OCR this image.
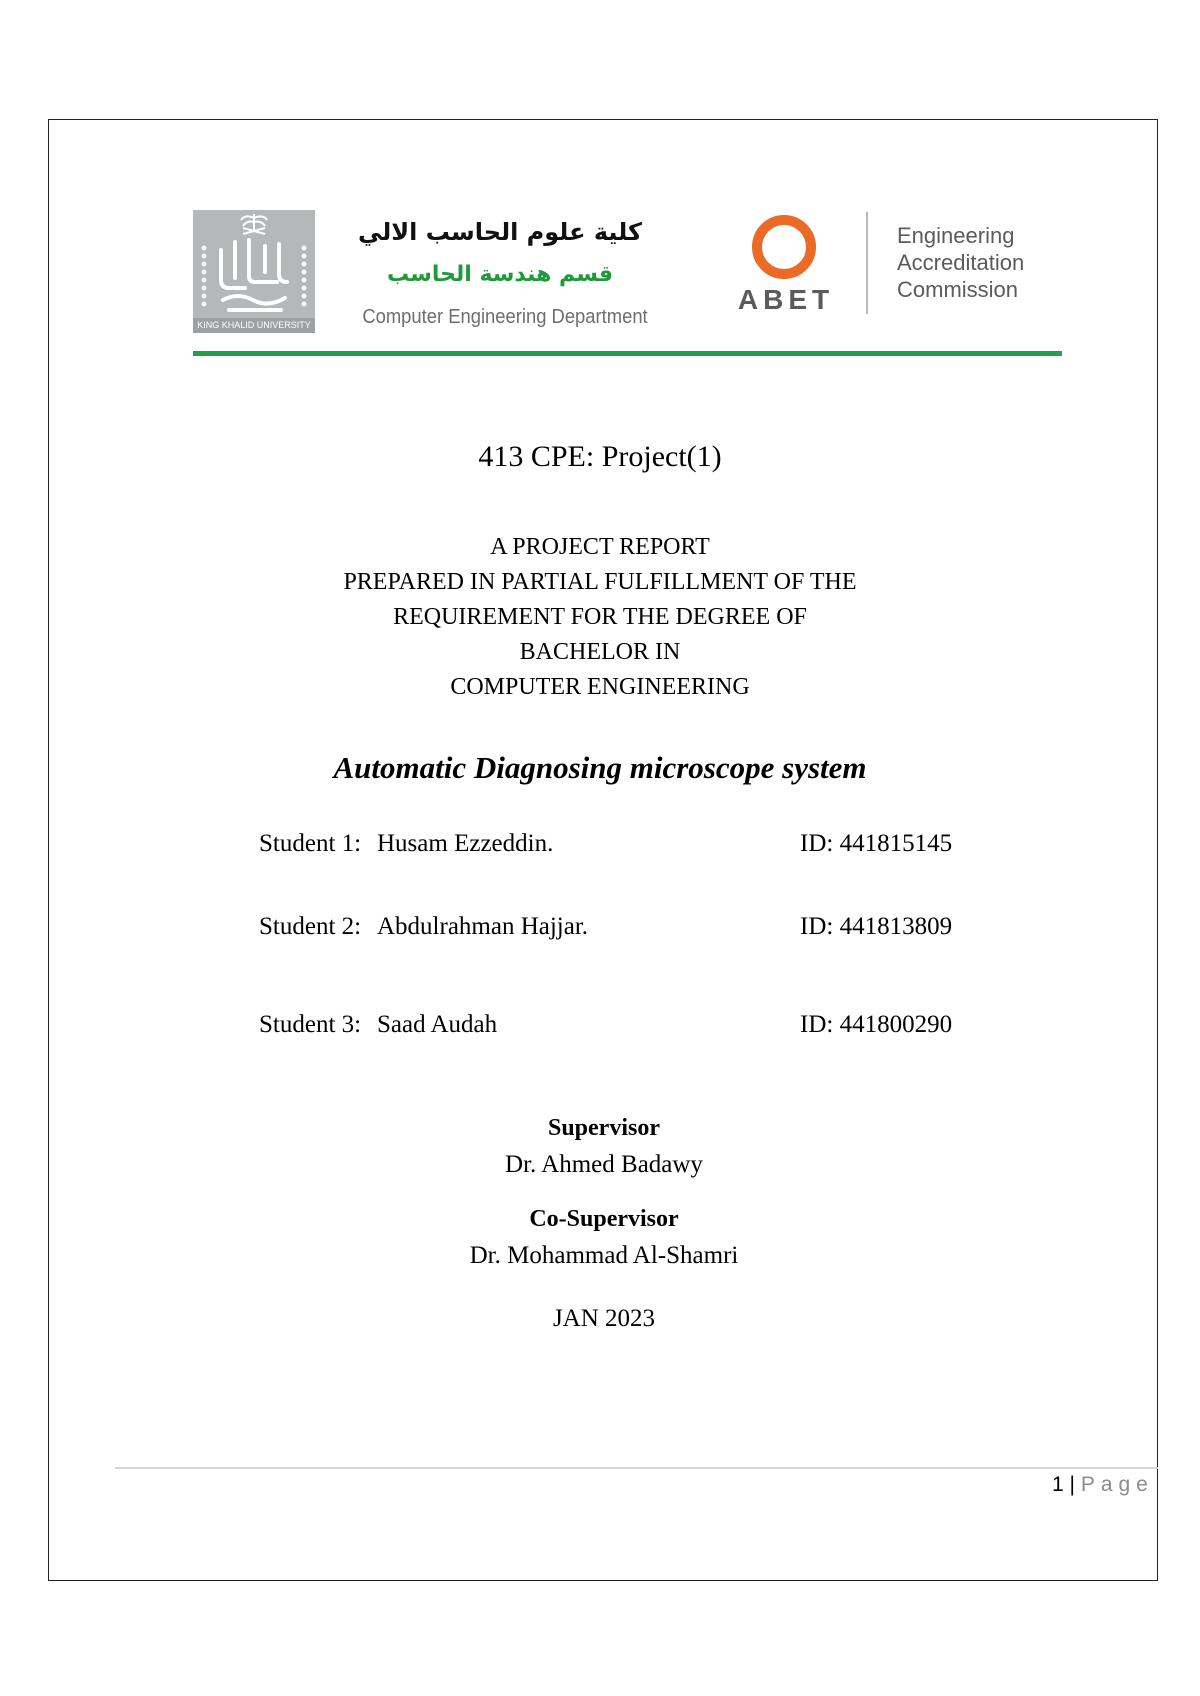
KING KHALID UNIVERSITY
كلية علوم الحاسب الالي
قسم هندسة الحاسب
Computer Engineering Department
ABET
Engineering
Accreditation
Commission
413 CPE: Project(1)
A PROJECT REPORT
PREPARED IN PARTIAL FULFILLMENT OF THE
REQUIREMENT FOR THE DEGREE OF
BACHELOR IN
COMPUTER ENGINEERING
Automatic Diagnosing microscope system
Student 1: Husam Ezzeddin.	ID: 441815145
Student 2: Abdulrahman Hajjar.	ID: 441813809
Student 3: Saad Audah	ID: 441800290
Supervisor
Dr. Ahmed Badawy
Co-Supervisor
Dr. Mohammad Al-Shamri
JAN 2023
1 | Page
